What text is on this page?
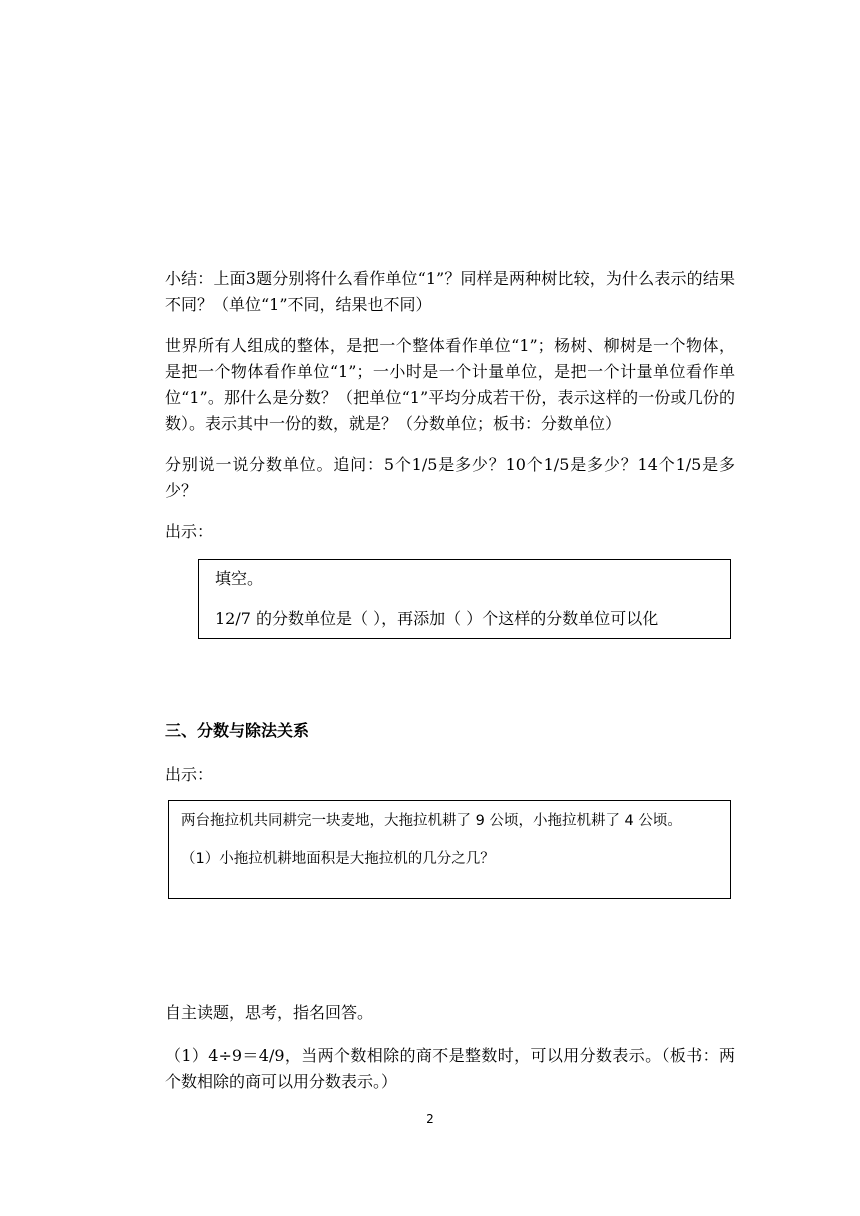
小结：上面3题分别将什么看作单位“1”？同样是两种树比较，为什么表示的结果不同？（单位“1”不同，结果也不同）

世界所有人组成的整体，是把一个整体看作单位“1”；杨树、柳树是一个物体，是把一个物体看作单位“1”；一小时是一个计量单位，是把一个计量单位看作单位“1”。那什么是分数？（把单位“1”平均分成若干份，表示这样的一份或几份的数）。表示其中一份的数，就是？（分数单位；板书：分数单位）

分别说一说分数单位。追问：5个1/5是多少？10个1/5是多少？14个1/5是多少？

出示：

填空。
12/7 的分数单位是（ ），再添加（ ）个这样的分数单位可以化
三、分数与除法关系

出示：

两台拖拉机共同耕完一块麦地，大拖拉机耕了 9 公顷，小拖拉机耕了 4 公顷。
（1）小拖拉机耕地面积是大拖拉机的几分之几？

自主读题，思考，指名回答。

（1）4÷9＝4/9，当两个数相除的商不是整数时，可以用分数表示。（板书：两个数相除的商可以用分数表示。）

2
